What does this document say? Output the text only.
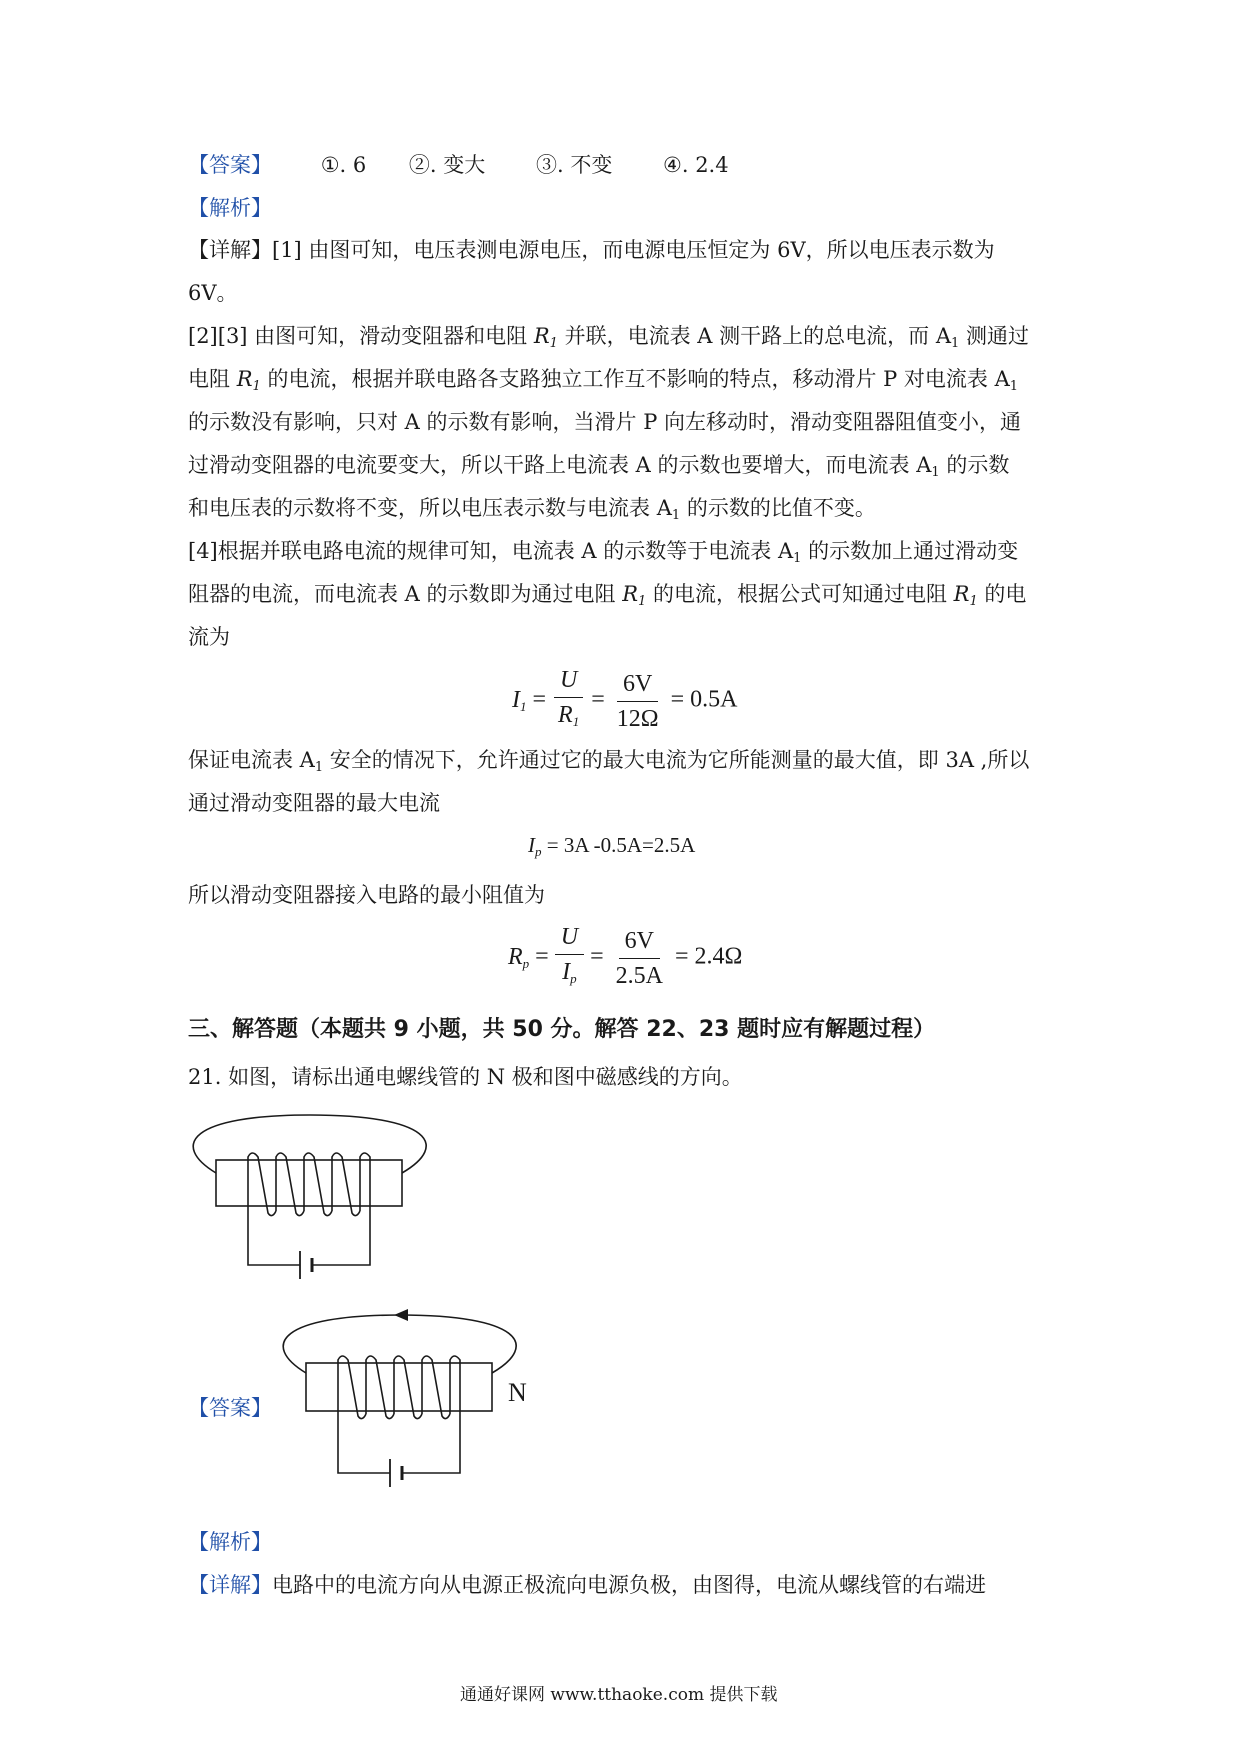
【答案】 ①. 6 ②. 变大 ③. 不变 ④. 2.4
【解析】
【详解】[1] 由图可知，电压表测电源电压，而电源电压恒定为 6V，所以电压表示数为
6V。
[2][3] 由图可知，滑动变阻器和电阻 $R_1$ 并联，电流表 A 测干路上的总电流，而 $A_1$ 测通过
电阻 $R_1$ 的电流，根据并联电路各支路独立工作互不影响的特点，移动滑片 P 对电流表 $A_1$
的示数没有影响，只对 A 的示数有影响，当滑片 P 向左移动时，滑动变阻器阻值变小，通
过滑动变阻器的电流要变大，所以干路上电流表 A 的示数也要增大，而电流表 $A_1$ 的示数
和电压表的示数将不变，所以电压表示数与电流表 $A_1$ 的示数的比值不变。
[4]根据并联电路电流的规律可知，电流表 A 的示数等于电流表 $A_1$ 的示数加上通过滑动变
阻器的电流，而电流表 A 的示数即为通过电阻 $R_1$ 的电流，根据公式可知通过电阻 $R_1$ 的电
流为
$I_1 = \frac{U}{R_1} = \frac{6V}{12\Omega} = 0.5A$
保证电流表 $A_1$ 安全的情况下，允许通过它的最大电流为它所能测量的最大值，即 3A ,所以
通过滑动变阻器的最大电流
$I_p = 3A$ -0.5A=2.5A
所以滑动变阻器接入电路的最小阻值为
$R_p = \frac{U}{I_p} = \frac{6V}{2.5A} = 2.4\Omega$
三、解答题（本题共 9 小题，共 50 分。解答 22、23 题时应有解题过程）
21. 如图，请标出通电螺线管的 N 极和图中磁感线的方向。
【答案】
N
【解析】
【详解】电路中的电流方向从电源正极流向电源负极，由图得，电流从螺线管的右端进
通通好课网 www.tthaoke.com 提供下载
